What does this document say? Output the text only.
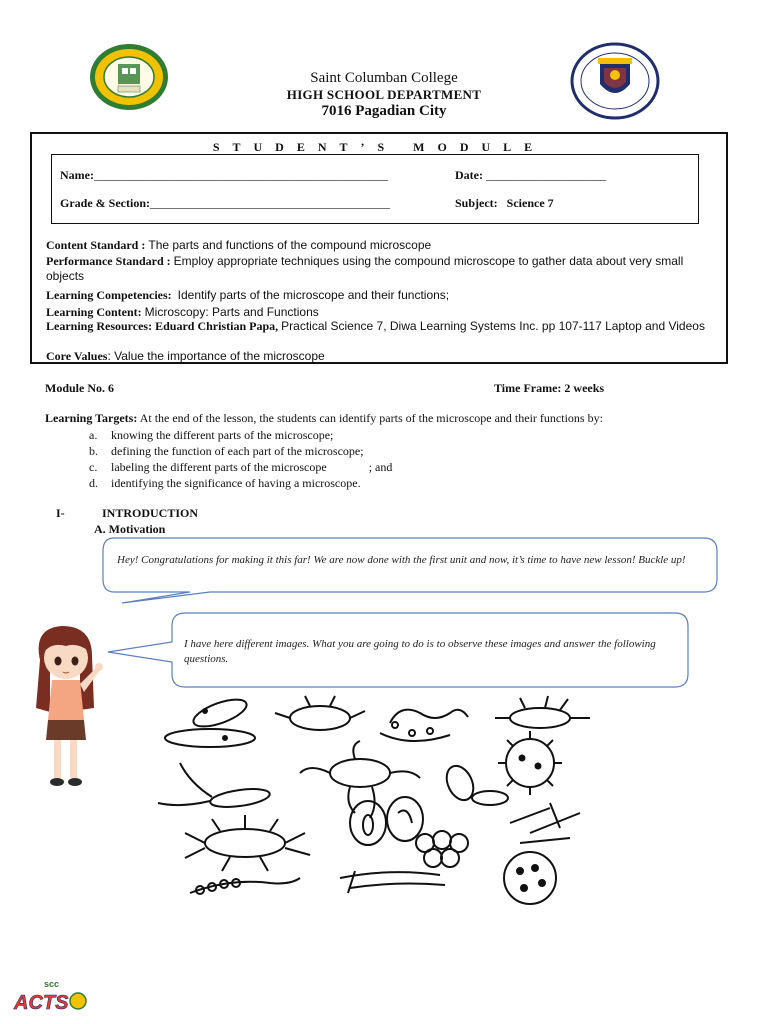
Saint Columban College
HIGH SCHOOL DEPARTMENT
7016 Pagadian City
STUDENT’S MODULE
Name:_________________________________________________	Date: ____________________
Grade & Section:________________________________________	Subject: Science 7
Content Standard : The parts and functions of the compound microscope
Performance Standard : Employ appropriate techniques using the compound microscope to gather data about very small objects
Learning Competencies: Identify parts of the microscope and their functions;
Learning Content: Microscopy: Parts and Functions
Learning Resources: Eduard Christian Papa, Practical Science 7, Diwa Learning Systems Inc. pp 107-117 Laptop and Videos
Core Values: Value the importance of the microscope
Module No. 6	Time Frame: 2 weeks
Learning Targets: At the end of the lesson, the students can identify parts of the microscope and their functions by:
a. knowing the different parts of the microscope;
b. defining the function of each part of the microscope;
c. labeling the different parts of the microscope              ; and
d. identifying the significance of having a microscope.
I-	INTRODUCTION
A. Motivation
Hey! Congratulations for making it this far! We are now done with the first unit and now, it’s time to have new lesson! Buckle up!
I have here different images. What you are going to do is to observe these images and answer the following questions.
scc
ACTS
